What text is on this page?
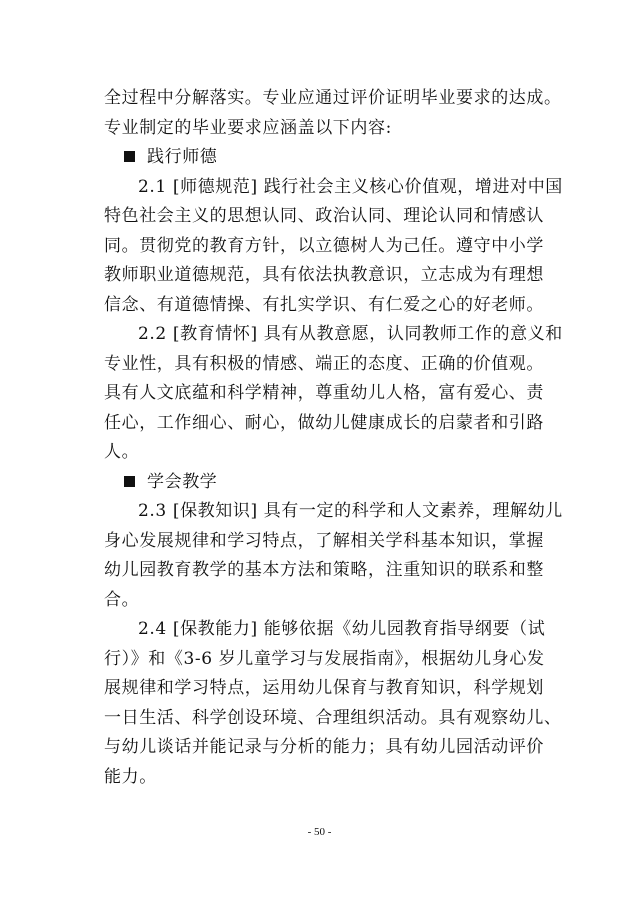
全过程中分解落实。专业应通过评价证明毕业要求的达成。
专业制定的毕业要求应涵盖以下内容:
践行师德
2.1 [师德规范] 践行社会主义核心价值观，增进对中国
特色社会主义的思想认同、政治认同、理论认同和情感认
同。贯彻党的教育方针，以立德树人为己任。遵守中小学
教师职业道德规范，具有依法执教意识，立志成为有理想
信念、有道德情操、有扎实学识、有仁爱之心的好老师。
2.2 [教育情怀] 具有从教意愿，认同教师工作的意义和
专业性，具有积极的情感、端正的态度、正确的价值观。
具有人文底蕴和科学精神，尊重幼儿人格，富有爱心、责
任心，工作细心、耐心，做幼儿健康成长的启蒙者和引路
人。
学会教学
2.3 [保教知识] 具有一定的科学和人文素养，理解幼儿
身心发展规律和学习特点，了解相关学科基本知识，掌握
幼儿园教育教学的基本方法和策略，注重知识的联系和整
合。
2.4 [保教能力] 能够依据《幼儿园教育指导纲要（试
行）》和《3-6 岁儿童学习与发展指南》，根据幼儿身心发
展规律和学习特点，运用幼儿保育与教育知识，科学规划
一日生活、科学创设环境、合理组织活动。具有观察幼儿、
与幼儿谈话并能记录与分析的能力；具有幼儿园活动评价
能力。
- 50 -
